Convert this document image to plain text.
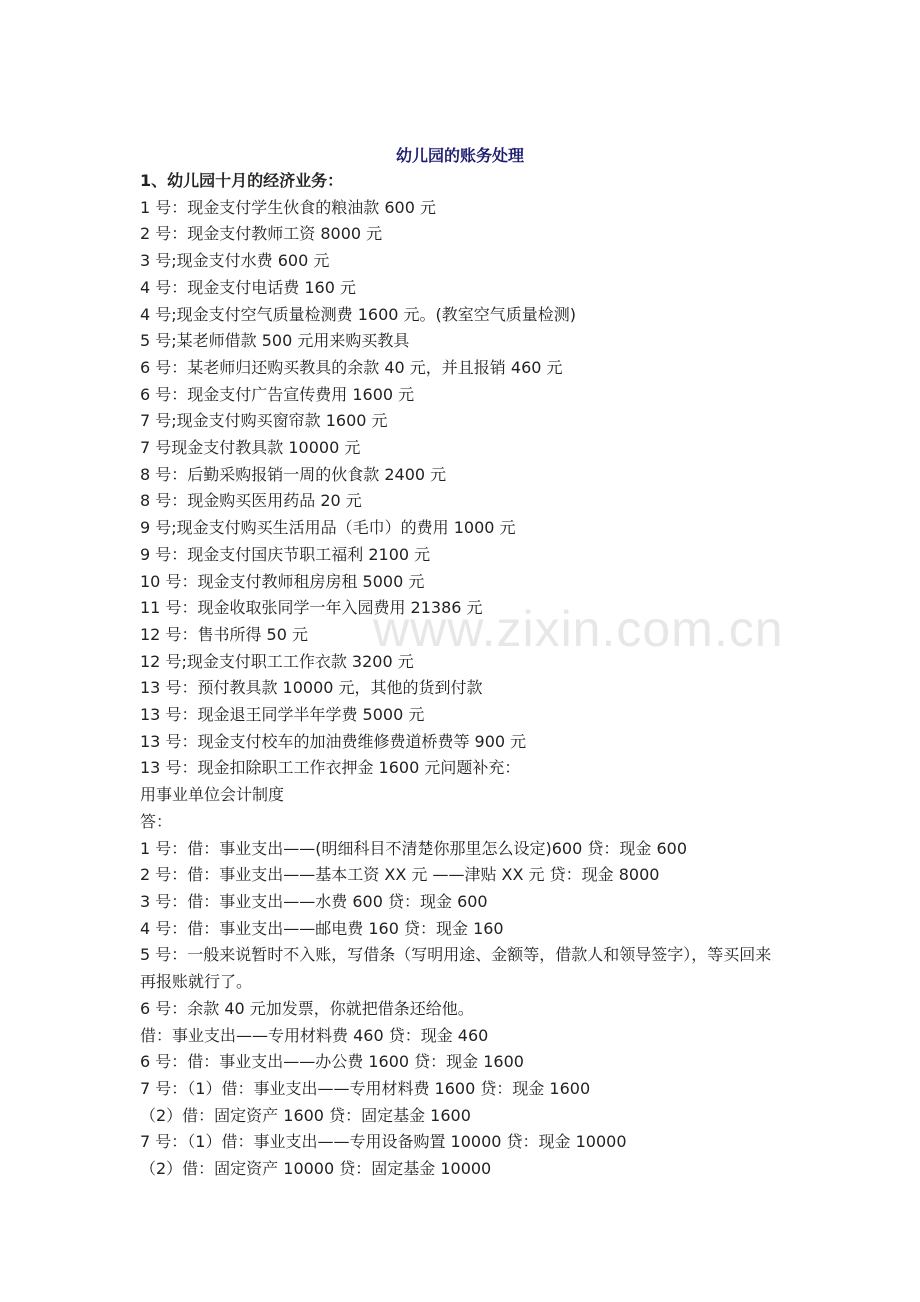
幼儿园的账务处理
1、幼儿园十月的经济业务：
1 号：现金支付学生伙食的粮油款 600 元
2 号：现金支付教师工资 8000 元
3 号;现金支付水费 600 元
4 号：现金支付电话费 160 元
4 号;现金支付空气质量检测费 1600 元。(教室空气质量检测)
5 号;某老师借款 500 元用来购买教具
6 号：某老师归还购买教具的余款 40 元，并且报销 460 元
6 号：现金支付广告宣传费用 1600 元
7 号;现金支付购买窗帘款 1600 元
7 号现金支付教具款 10000 元
8 号：后勤采购报销一周的伙食款 2400 元
8 号：现金购买医用药品 20 元
9 号;现金支付购买生活用品（毛巾）的费用 1000 元
9 号：现金支付国庆节职工福利 2100 元
10 号：现金支付教师租房房租 5000 元
11 号：现金收取张同学一年入园费用 21386 元
12 号：售书所得 50 元
12 号;现金支付职工工作衣款 3200 元
13 号：预付教具款 10000 元，其他的货到付款
13 号：现金退王同学半年学费 5000 元
13 号：现金支付校车的加油费维修费道桥费等 900 元
13 号：现金扣除职工工作衣押金 1600 元问题补充：
用事业单位会计制度
答：
1 号：借：事业支出——(明细科目不清楚你那里怎么设定)600 贷：现金 600
2 号：借：事业支出——基本工资 XX 元 ——津贴 XX 元 贷：现金 8000
3 号：借：事业支出——水费 600 贷：现金 600
4 号：借：事业支出——邮电费 160 贷：现金 160
5 号：一般来说暂时不入账，写借条（写明用途、金额等，借款人和领导签字），等买回来再报账就行了。
6 号：余款 40 元加发票，你就把借条还给他。
借：事业支出——专用材料费 460 贷：现金 460
6 号：借：事业支出——办公费 1600 贷：现金 1600
7 号：（1）借：事业支出——专用材料费 1600 贷：现金 1600
（2）借：固定资产 1600 贷：固定基金 1600
7 号：（1）借：事业支出——专用设备购置 10000 贷：现金 10000
（2）借：固定资产 10000 贷：固定基金 10000
www.zixin.com.cn
